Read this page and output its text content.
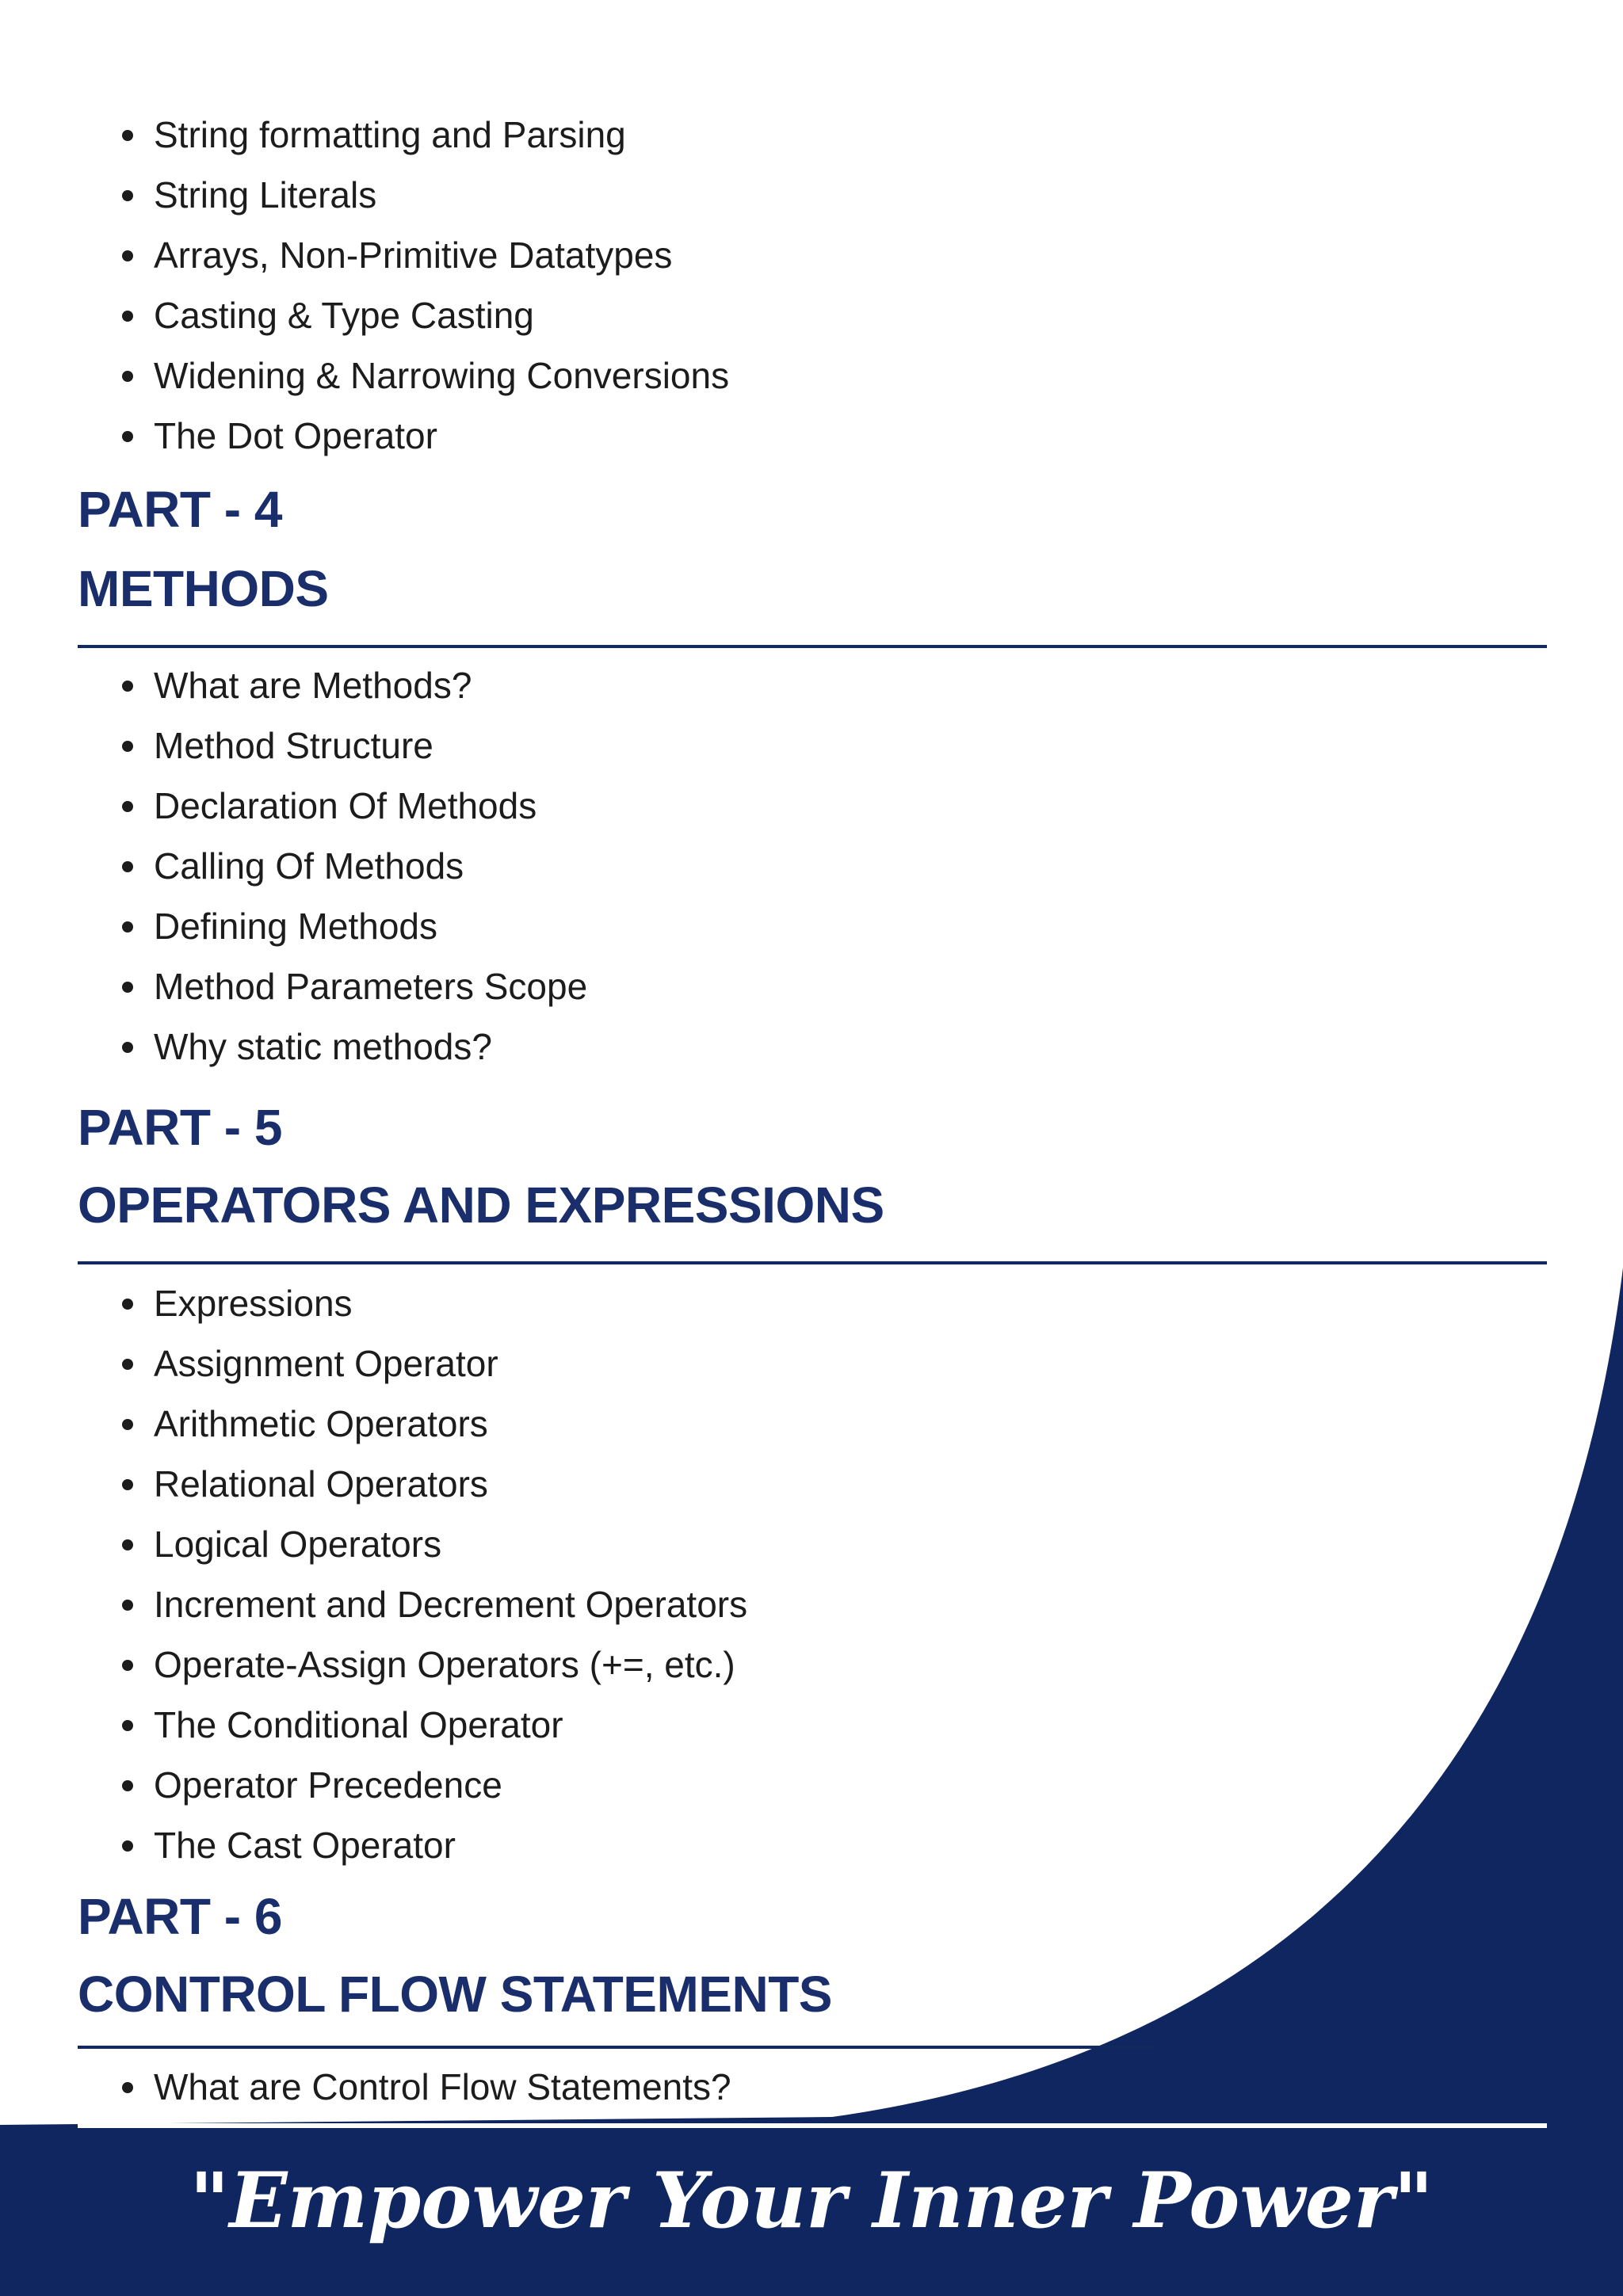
String formatting and Parsing
String Literals
Arrays, Non-Primitive Datatypes
Casting & Type Casting
Widening & Narrowing Conversions
The Dot Operator
PART - 4
METHODS
What are Methods?
Method Structure
Declaration Of Methods
Calling Of Methods
Defining Methods
Method Parameters Scope
Why static methods?
PART - 5
OPERATORS AND EXPRESSIONS
Expressions
Assignment Operator
Arithmetic Operators
Relational Operators
Logical Operators
Increment and Decrement Operators
Operate-Assign Operators (+=, etc.)
The Conditional Operator
Operator Precedence
The Cast Operator
PART - 6
CONTROL FLOW STATEMENTS
What are Control Flow Statements?
"Empower Your Inner Power"
